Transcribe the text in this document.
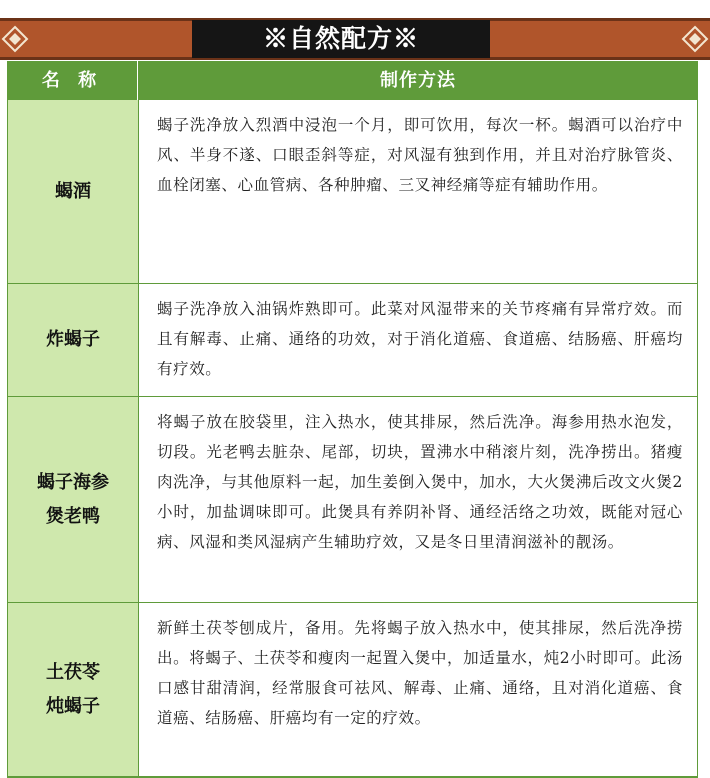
※自然配方※
名 称	制作方法
蝎酒
蝎子洗净放入烈酒中浸泡一个月，即可饮用，每次一杯。蝎酒可以治疗中风、半身不遂、口眼歪斜等症，对风湿有独到作用，并且对治疗脉管炎、血栓闭塞、心血管病、各种肿瘤、三叉神经痛等症有辅助作用。
炸蝎子
蝎子洗净放入油锅炸熟即可。此菜对风湿带来的关节疼痛有异常疗效。而且有解毒、止痛、通络的功效，对于消化道癌、食道癌、结肠癌、肝癌均有疗效。
蝎子海参
煲老鸭
将蝎子放在胶袋里，注入热水，使其排尿，然后洗净。海参用热水泡发，切段。光老鸭去脏杂、尾部，切块，置沸水中稍滚片刻，洗净捞出。猪瘦肉洗净，与其他原料一起，加生姜倒入煲中，加水，大火煲沸后改文火煲2小时，加盐调味即可。此煲具有养阴补肾、通经活络之功效，既能对冠心病、风湿和类风湿病产生辅助疗效，又是冬日里清润滋补的靓汤。
土茯苓
炖蝎子
新鲜土茯苓刨成片，备用。先将蝎子放入热水中，使其排尿，然后洗净捞出。将蝎子、土茯苓和瘦肉一起置入煲中，加适量水，炖2小时即可。此汤口感甘甜清润，经常服食可祛风、解毒、止痛、通络，且对消化道癌、食道癌、结肠癌、肝癌均有一定的疗效。
